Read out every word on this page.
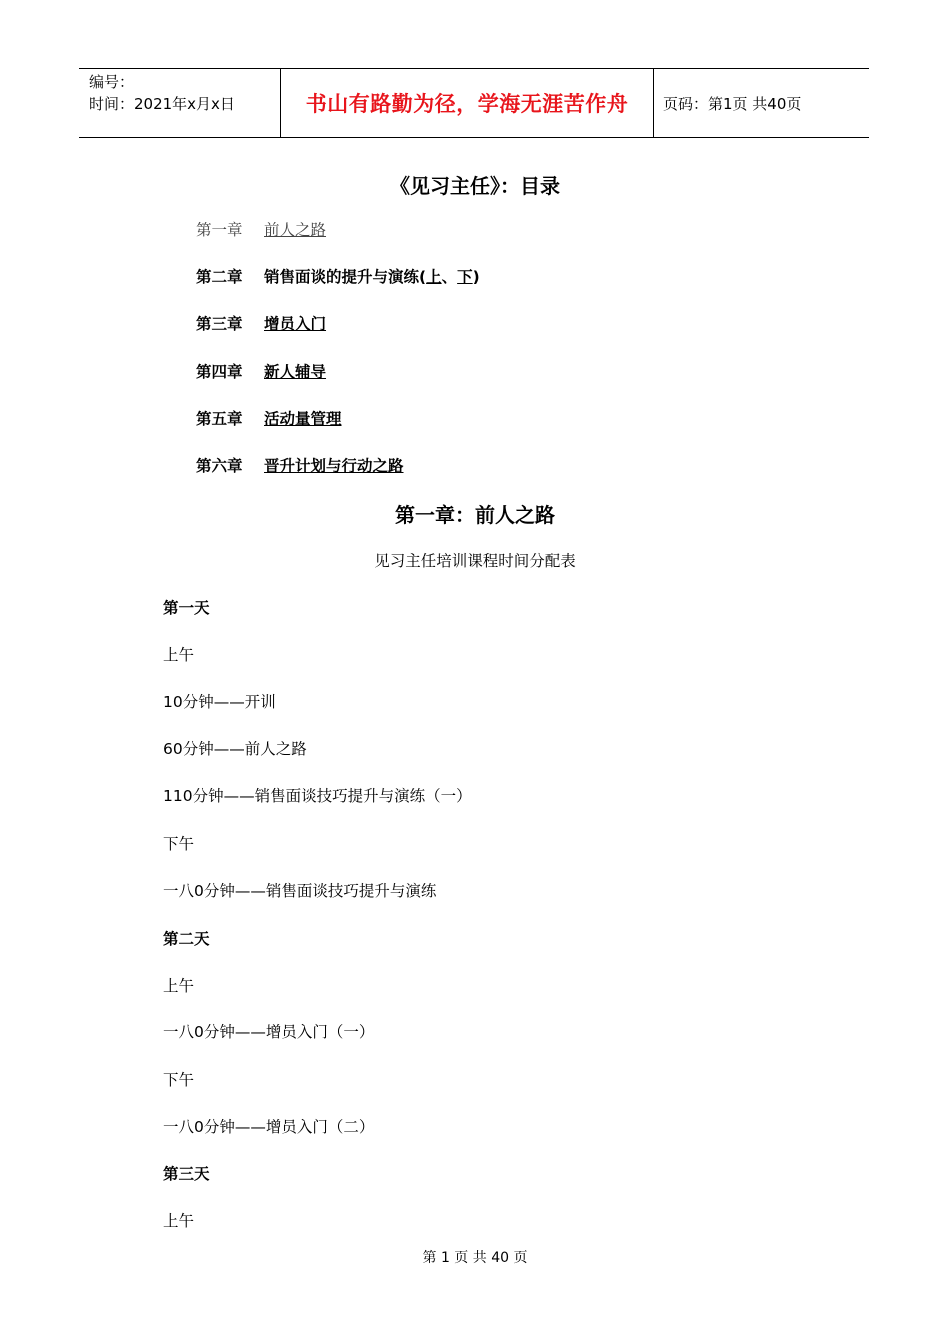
编号：
时间：2021年x月x日	书山有路勤为径，学海无涯苦作舟	页码：第1页 共40页
《见习主任》：目录
第一章 前人之路
第二章 销售面谈的提升与演练(上、下)
第三章 增员入门
第四章 新人辅导
第五章 活动量管理
第六章 晋升计划与行动之路
第一章：前人之路
见习主任培训课程时间分配表
第一天
上午
10分钟——开训
60分钟——前人之路
110分钟——销售面谈技巧提升与演练（一）
下午
一八0分钟——销售面谈技巧提升与演练
第二天
上午
一八0分钟——增员入门（一）
下午
一八0分钟——增员入门（二）
第三天
上午
第 1 页 共 40 页
